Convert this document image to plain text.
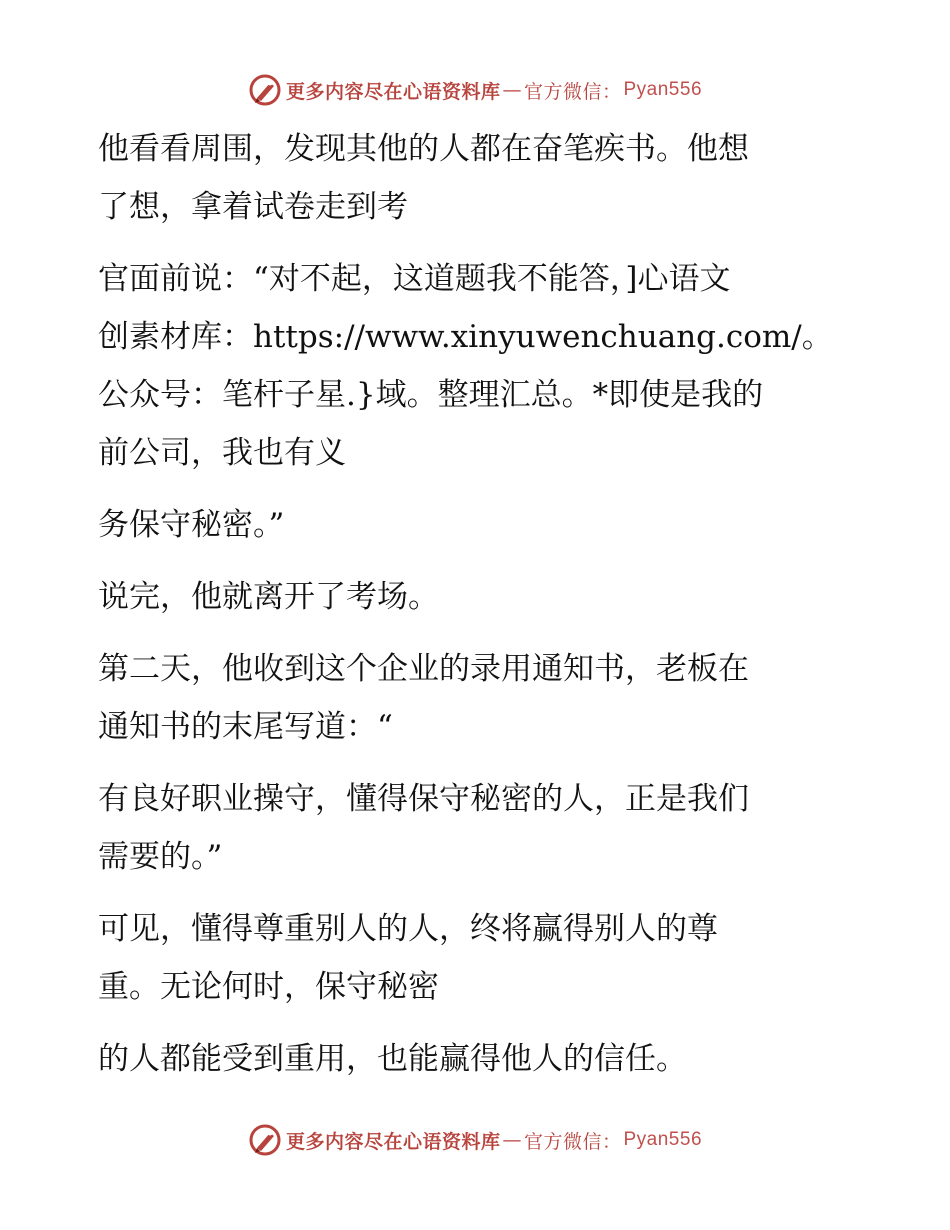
更多内容尽在心语资料库 — 官方微信： Pyan556

他看看周围，发现其他的人都在奋笔疾书。他想
了想，拿着试卷走到考

官面前说：“对不起，这道题我不能答，]心语文
创素材库：https://www.xinyuwenchuang.com/。
公众号：笔杆子星.}域。整理汇总。*即使是我的
前公司，我也有义

务保守秘密。”

说完，他就离开了考场。

第二天，他收到这个企业的录用通知书，老板在
通知书的末尾写道：“

有良好职业操守，懂得保守秘密的人，正是我们
需要的。”

可见，懂得尊重别人的人，终将赢得别人的尊
重。无论何时，保守秘密

的人都能受到重用，也能赢得他人的信任。

更多内容尽在心语资料库 — 官方微信： Pyan556
